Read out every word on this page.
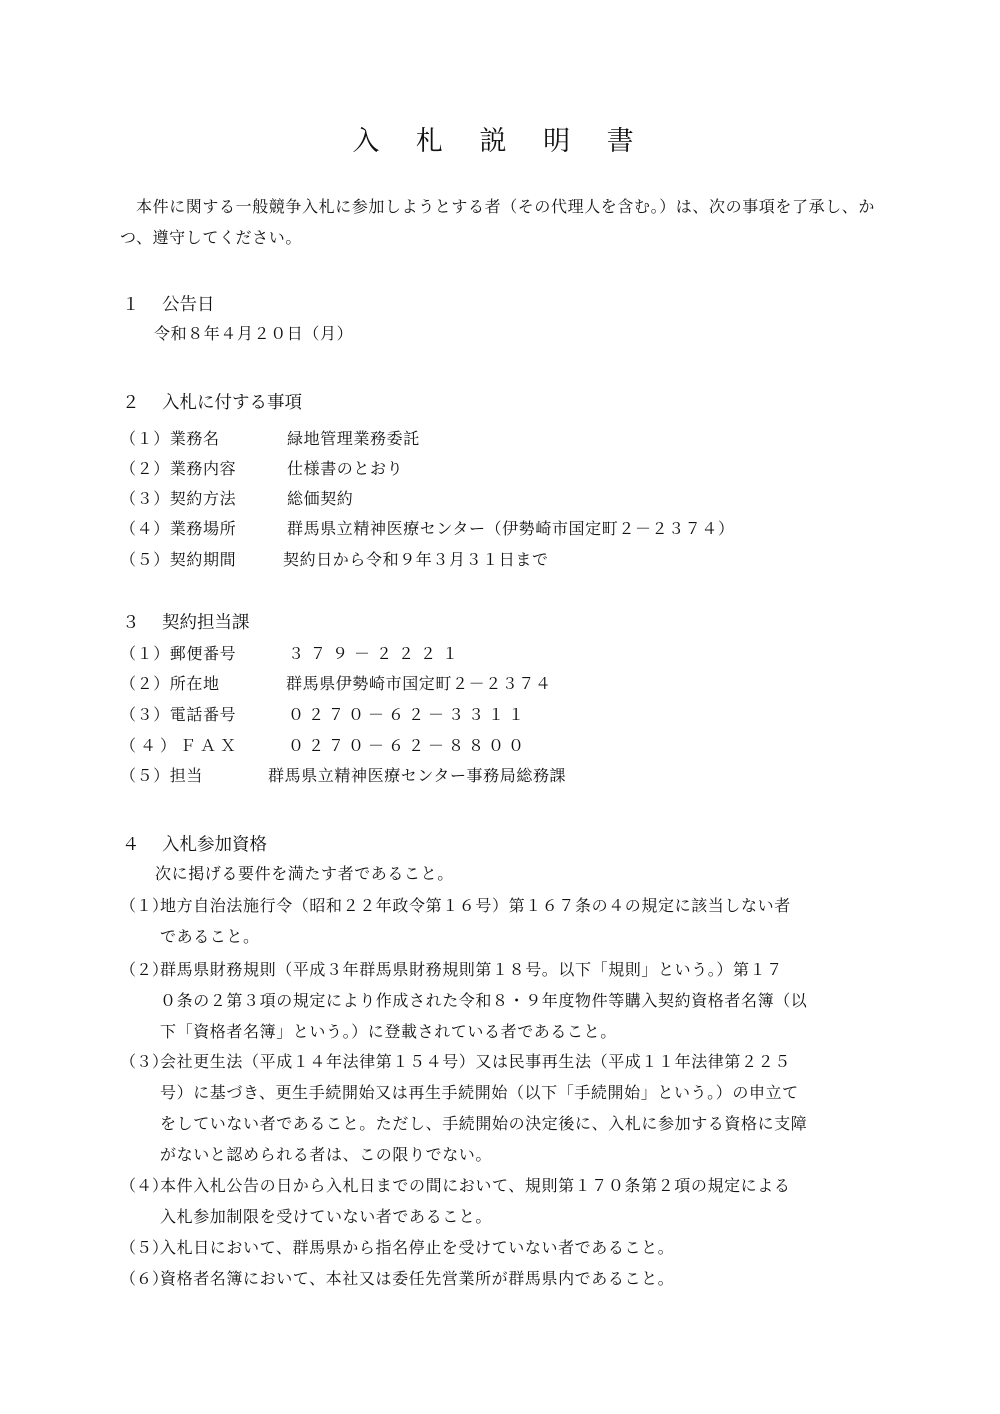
入 札 説 明 書
本件に関する一般競争入札に参加しようとする者（その代理人を含む。）は、次の事項を了承し、かつ、遵守してください。
１ 公告日
令和８年４月２０日（月）
２ 入札に付する事項
（１）業務名	緑地管理業務委託
（２）業務内容	仕様書のとおり
（３）契約方法	総価契約
（４）業務場所	群馬県立精神医療センター（伊勢崎市国定町２－２３７４）
（５）契約期間	契約日から令和９年３月３１日まで
３ 契約担当課
（１）郵便番号	３７９－２２２１
（２）所在地	群馬県伊勢崎市国定町２－２３７４
（３）電話番号	０２７０－６２－３３１１
（４）ＦＡＸ	０２７０－６２－８８００
（５）担当	群馬県立精神医療センター事務局総務課
４ 入札参加資格
次に掲げる要件を満たす者であること。
（１）
地方自治法施行令（昭和２２年政令第１６号）第１６７条の４の規定に該当しない者
であること。
（２）
群馬県財務規則（平成３年群馬県財務規則第１８号。以下「規則」という。）第１７
０条の２第３項の規定により作成された令和８・９年度物件等購入契約資格者名簿（以
下「資格者名簿」という。）に登載されている者であること。
（３）
会社更生法（平成１４年法律第１５４号）又は民事再生法（平成１１年法律第２２５
号）に基づき、更生手続開始又は再生手続開始（以下「手続開始」という。）の申立て
をしていない者であること。ただし、手続開始の決定後に、入札に参加する資格に支障
がないと認められる者は、この限りでない。
（４）
本件入札公告の日から入札日までの間において、規則第１７０条第２項の規定による
入札参加制限を受けていない者であること。
（５）
入札日において、群馬県から指名停止を受けていない者であること。
（６）
資格者名簿において、本社又は委任先営業所が群馬県内であること。
